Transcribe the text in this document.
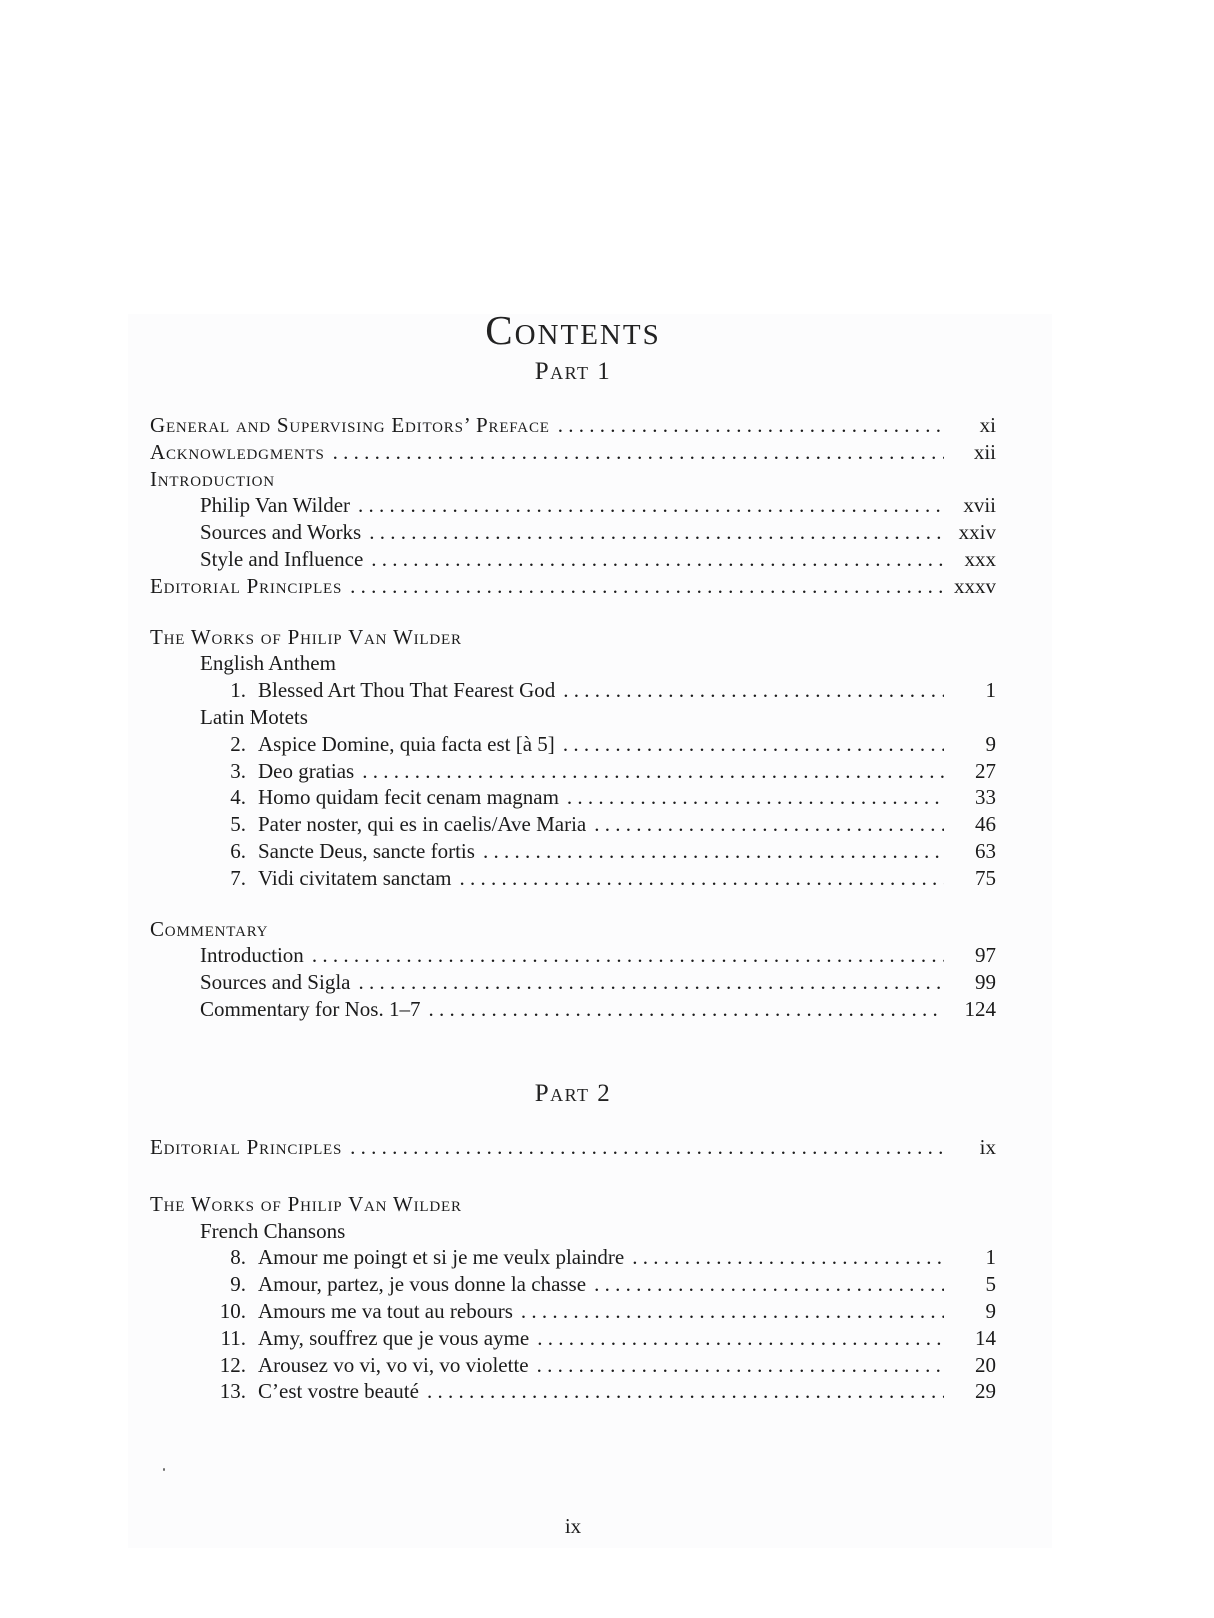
Contents
Part 1
General and Supervising Editors’ Preface . . .	xi
Acknowledgments . . .	xii
Introduction
Philip Van Wilder . . .	xvii
Sources and Works . . .	xxiv
Style and Influence . . .	xxx
Editorial Principles . . .	xxxv
The Works of Philip Van Wilder
English Anthem
1. Blessed Art Thou That Fearest God . . .	1
Latin Motets
2. Aspice Domine, quia facta est [à 5] . . .	9
3. Deo gratias . . .	27
4. Homo quidam fecit cenam magnam . . .	33
5. Pater noster, qui es in caelis/Ave Maria . . .	46
6. Sancte Deus, sancte fortis . . .	63
7. Vidi civitatem sanctam . . .	75
Commentary
Introduction . . .	97
Sources and Sigla . . .	99
Commentary for Nos. 1–7 . . .	124
Part 2
Editorial Principles . . .	ix
The Works of Philip Van Wilder
French Chansons
8. Amour me poingt et si je me veulx plaindre . . .	1
9. Amour, partez, je vous donne la chasse . . .	5
10. Amours me va tout au rebours . . .	9
11. Amy, souffrez que je vous ayme . . .	14
12. Arousez vo vi, vo vi, vo violette . . .	20
13. C’est vostre beauté . . .	29
ix
